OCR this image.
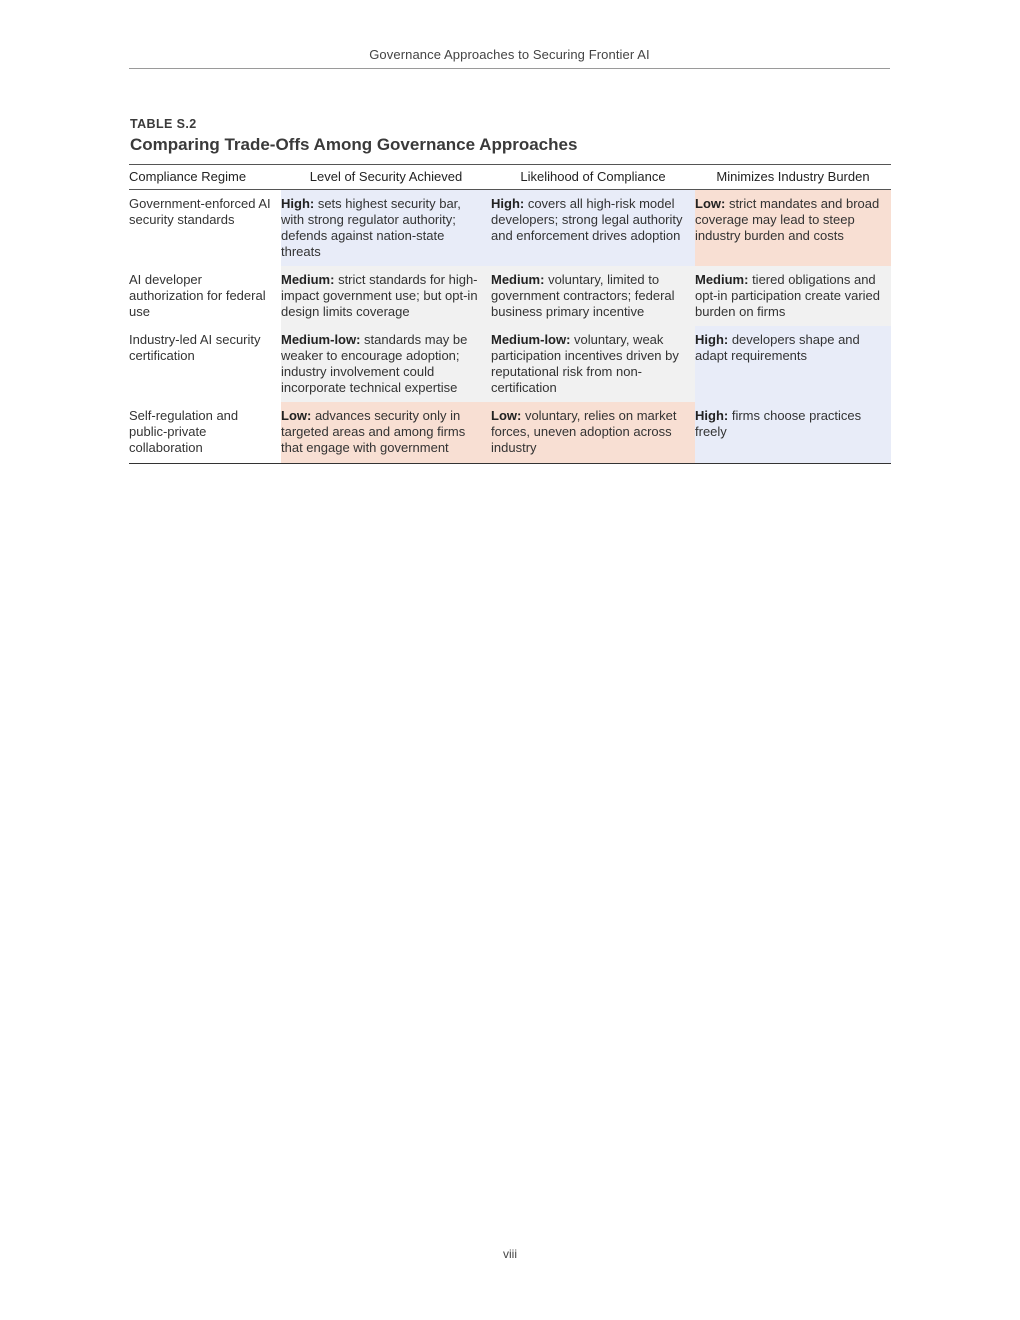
Governance Approaches to Securing Frontier AI
TABLE S.2
Comparing Trade-Offs Among Governance Approaches
Compliance Regime	Level of Security Achieved	Likelihood of Compliance	Minimizes Industry Burden
Government-enforced AI security standards	High: sets highest security bar, with strong regulator authority; defends against nation-state threats	High: covers all high-risk model developers; strong legal authority and enforcement drives adoption	Low: strict mandates and broad coverage may lead to steep industry burden and costs
AI developer authorization for federal use	Medium: strict standards for high-impact government use; but opt-in design limits coverage	Medium: voluntary, limited to government contractors; federal business primary incentive	Medium: tiered obligations and opt-in participation create varied burden on firms
Industry-led AI security certification	Medium-low: standards may be weaker to encourage adoption; industry involvement could incorporate technical expertise	Medium-low: voluntary, weak participation incentives driven by reputational risk from non-certification	High: developers shape and adapt requirements
Self-regulation and public-private collaboration	Low: advances security only in targeted areas and among firms that engage with government	Low: voluntary, relies on market forces, uneven adoption across industry	High: firms choose practices freely
viii
